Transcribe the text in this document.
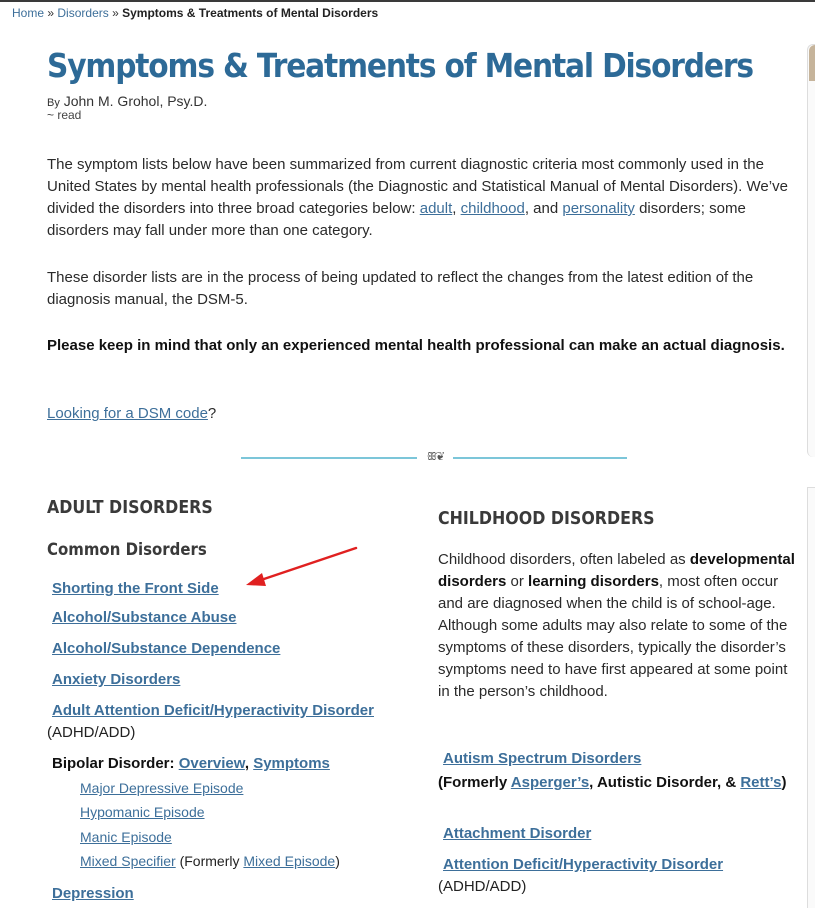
Home » Disorders » Symptoms & Treatments of Mental Disorders
Symptoms & Treatments of Mental Disorders
By John M. Grohol, Psy.D.
~ read

The symptom lists below have been summarized from current diagnostic criteria most commonly used in the United States by mental health professionals (the Diagnostic and Statistical Manual of Mental Disorders). We’ve divided the disorders into three broad categories below: adult, childhood, and personality disorders; some disorders may fall under more than one category.

These disorder lists are in the process of being updated to reflect the changes from the latest edition of the diagnosis manual, the DSM-5.

Please keep in mind that only an experienced mental health professional can make an actual diagnosis.

Looking for a DSM code?

ꕥ❦
ADULT DISORDERS
Common Disorders
Shorting the Front Side
Alcohol/Substance Abuse
Alcohol/Substance Dependence
Anxiety Disorders
Adult Attention Deficit/Hyperactivity Disorder
(ADHD/ADD)
Bipolar Disorder: Overview, Symptoms
Major Depressive Episode
Hypomanic Episode
Manic Episode
Mixed Specifier (Formerly Mixed Episode)
Depression
CHILDHOOD DISORDERS

Childhood disorders, often labeled as developmental disorders or learning disorders, most often occur and are diagnosed when the child is of school-age. Although some adults may also relate to some of the symptoms of these disorders, typically the disorder’s symptoms need to have first appeared at some point in the person’s childhood.

Autism Spectrum Disorders

(Formerly Asperger’s, Autistic Disorder, & Rett’s)

Attachment Disorder
Attention Deficit/Hyperactivity Disorder
(ADHD/ADD)
